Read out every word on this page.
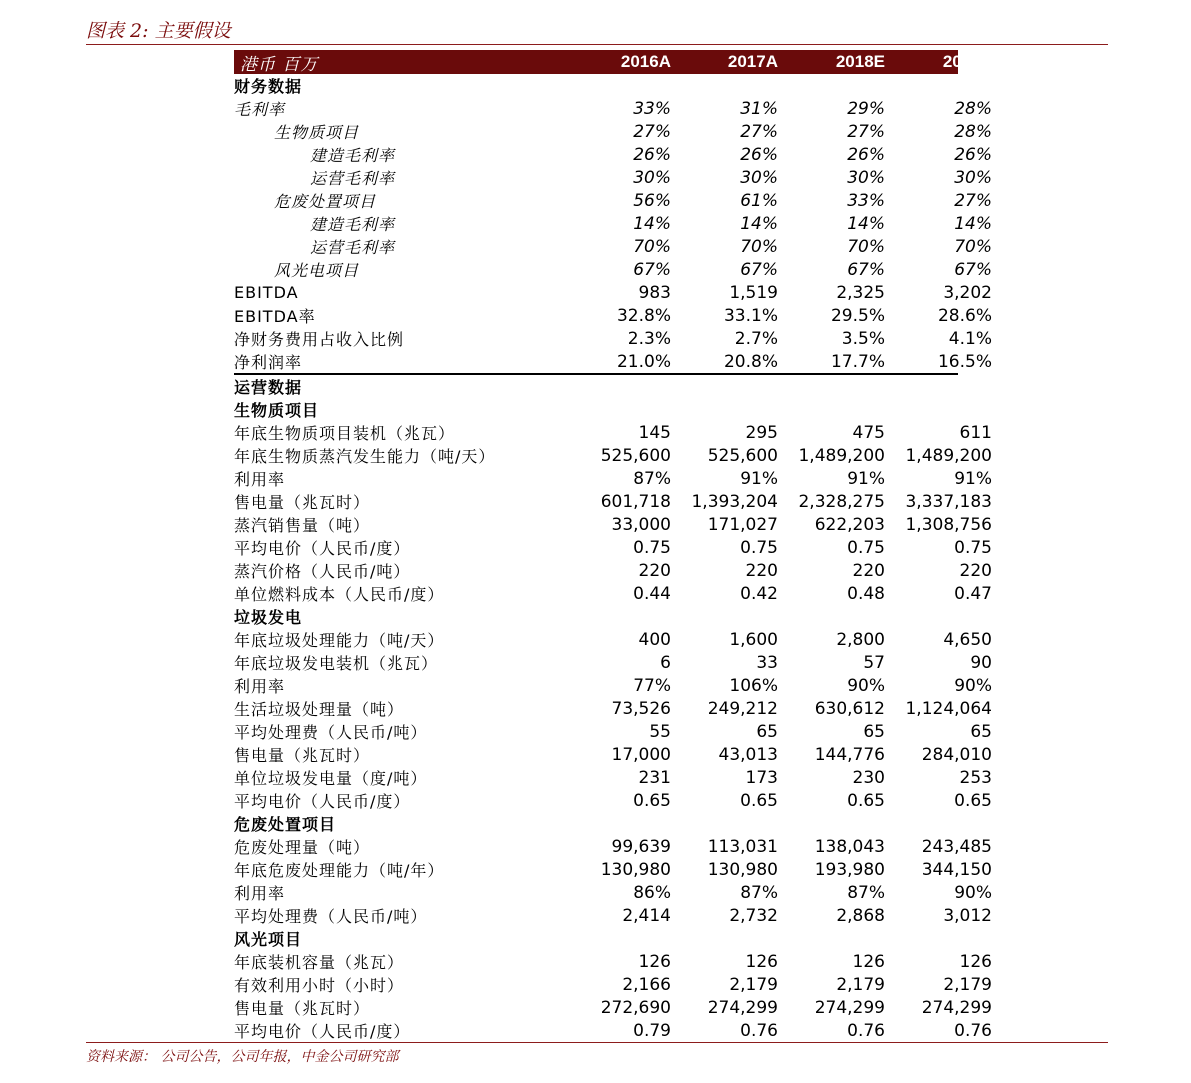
图表 2: 主要假设
港币 百万	2016A	2017A	2018E	2019E
财务数据
毛利率	33%	31%	29%	28%
生物质项目	27%	27%	27%	28%
建造毛利率	26%	26%	26%	26%
运营毛利率	30%	30%	30%	30%
危废处置项目	56%	61%	33%	27%
建造毛利率	14%	14%	14%	14%
运营毛利率	70%	70%	70%	70%
风光电项目	67%	67%	67%	67%
EBITDA	983	1,519	2,325	3,202
EBITDA率	32.8%	33.1%	29.5%	28.6%
净财务费用占收入比例	2.3%	2.7%	3.5%	4.1%
净利润率	21.0%	20.8%	17.7%	16.5%
运营数据
生物质项目
年底生物质项目装机（兆瓦）	145	295	475	611
年底生物质蒸汽发生能力（吨/天）	525,600	525,600	1,489,200	1,489,200
利用率	87%	91%	91%	91%
售电量（兆瓦时）	601,718	1,393,204	2,328,275	3,337,183
蒸汽销售量（吨）	33,000	171,027	622,203	1,308,756
平均电价（人民币/度）	0.75	0.75	0.75	0.75
蒸汽价格（人民币/吨）	220	220	220	220
单位燃料成本（人民币/度）	0.44	0.42	0.48	0.47
垃圾发电
年底垃圾处理能力（吨/天）	400	1,600	2,800	4,650
年底垃圾发电装机（兆瓦）	6	33	57	90
利用率	77%	106%	90%	90%
生活垃圾处理量（吨）	73,526	249,212	630,612	1,124,064
平均处理费（人民币/吨）	55	65	65	65
售电量（兆瓦时）	17,000	43,013	144,776	284,010
单位垃圾发电量（度/吨）	231	173	230	253
平均电价（人民币/度）	0.65	0.65	0.65	0.65
危废处置项目
危废处理量（吨）	99,639	113,031	138,043	243,485
年底危废处理能力（吨/年）	130,980	130,980	193,980	344,150
利用率	86%	87%	87%	90%
平均处理费（人民币/吨）	2,414	2,732	2,868	3,012
风光项目
年底装机容量（兆瓦）	126	126	126	126
有效利用小时（小时）	2,166	2,179	2,179	2,179
售电量（兆瓦时）	272,690	274,299	274,299	274,299
平均电价（人民币/度）	0.79	0.76	0.76	0.76
资料来源： 公司公告，公司年报，中金公司研究部
